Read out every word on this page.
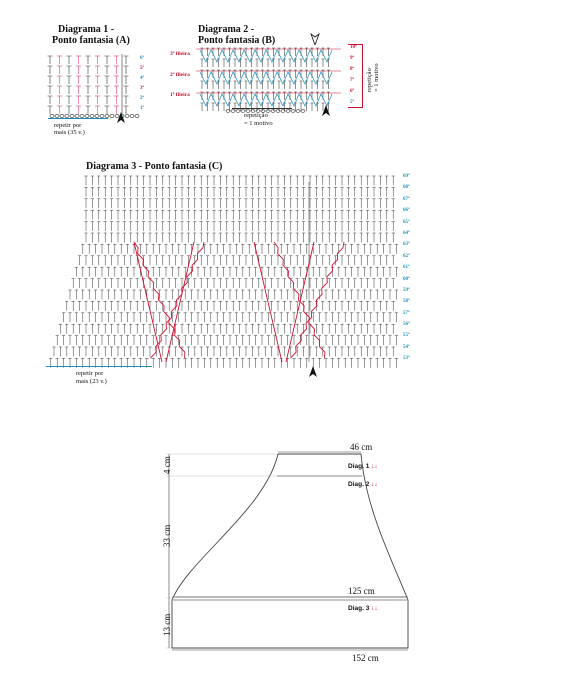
Diagrama 1 -
Ponto fantasia (A)
6ª
5ª
4ª
3ª
2ª
1ª
repetir por
mais (35 v.)
Diagrama 2 -
Ponto fantasia (B)
3ª fileira
2ª fileira
1ª fileira
10ª
9ª
8ª
7ª
6ª
5ª
repetição = 1 motivo
repetição
= 1 motivo
Diagrama 3 - Ponto fantasia (C)
69ª
68ª
67ª
66ª
65ª
64ª
63ª
62ª
61ª
60ª
59ª
58ª
57ª
56ª
55ª
54ª
53ª
repetir por
mais (23 v.)
46 cm
125 cm
152 cm
4 cm
33 cm
13 cm
Diag. 1 ↓↓
Diag. 2 ↓↓
Diag. 3 ↓↓
